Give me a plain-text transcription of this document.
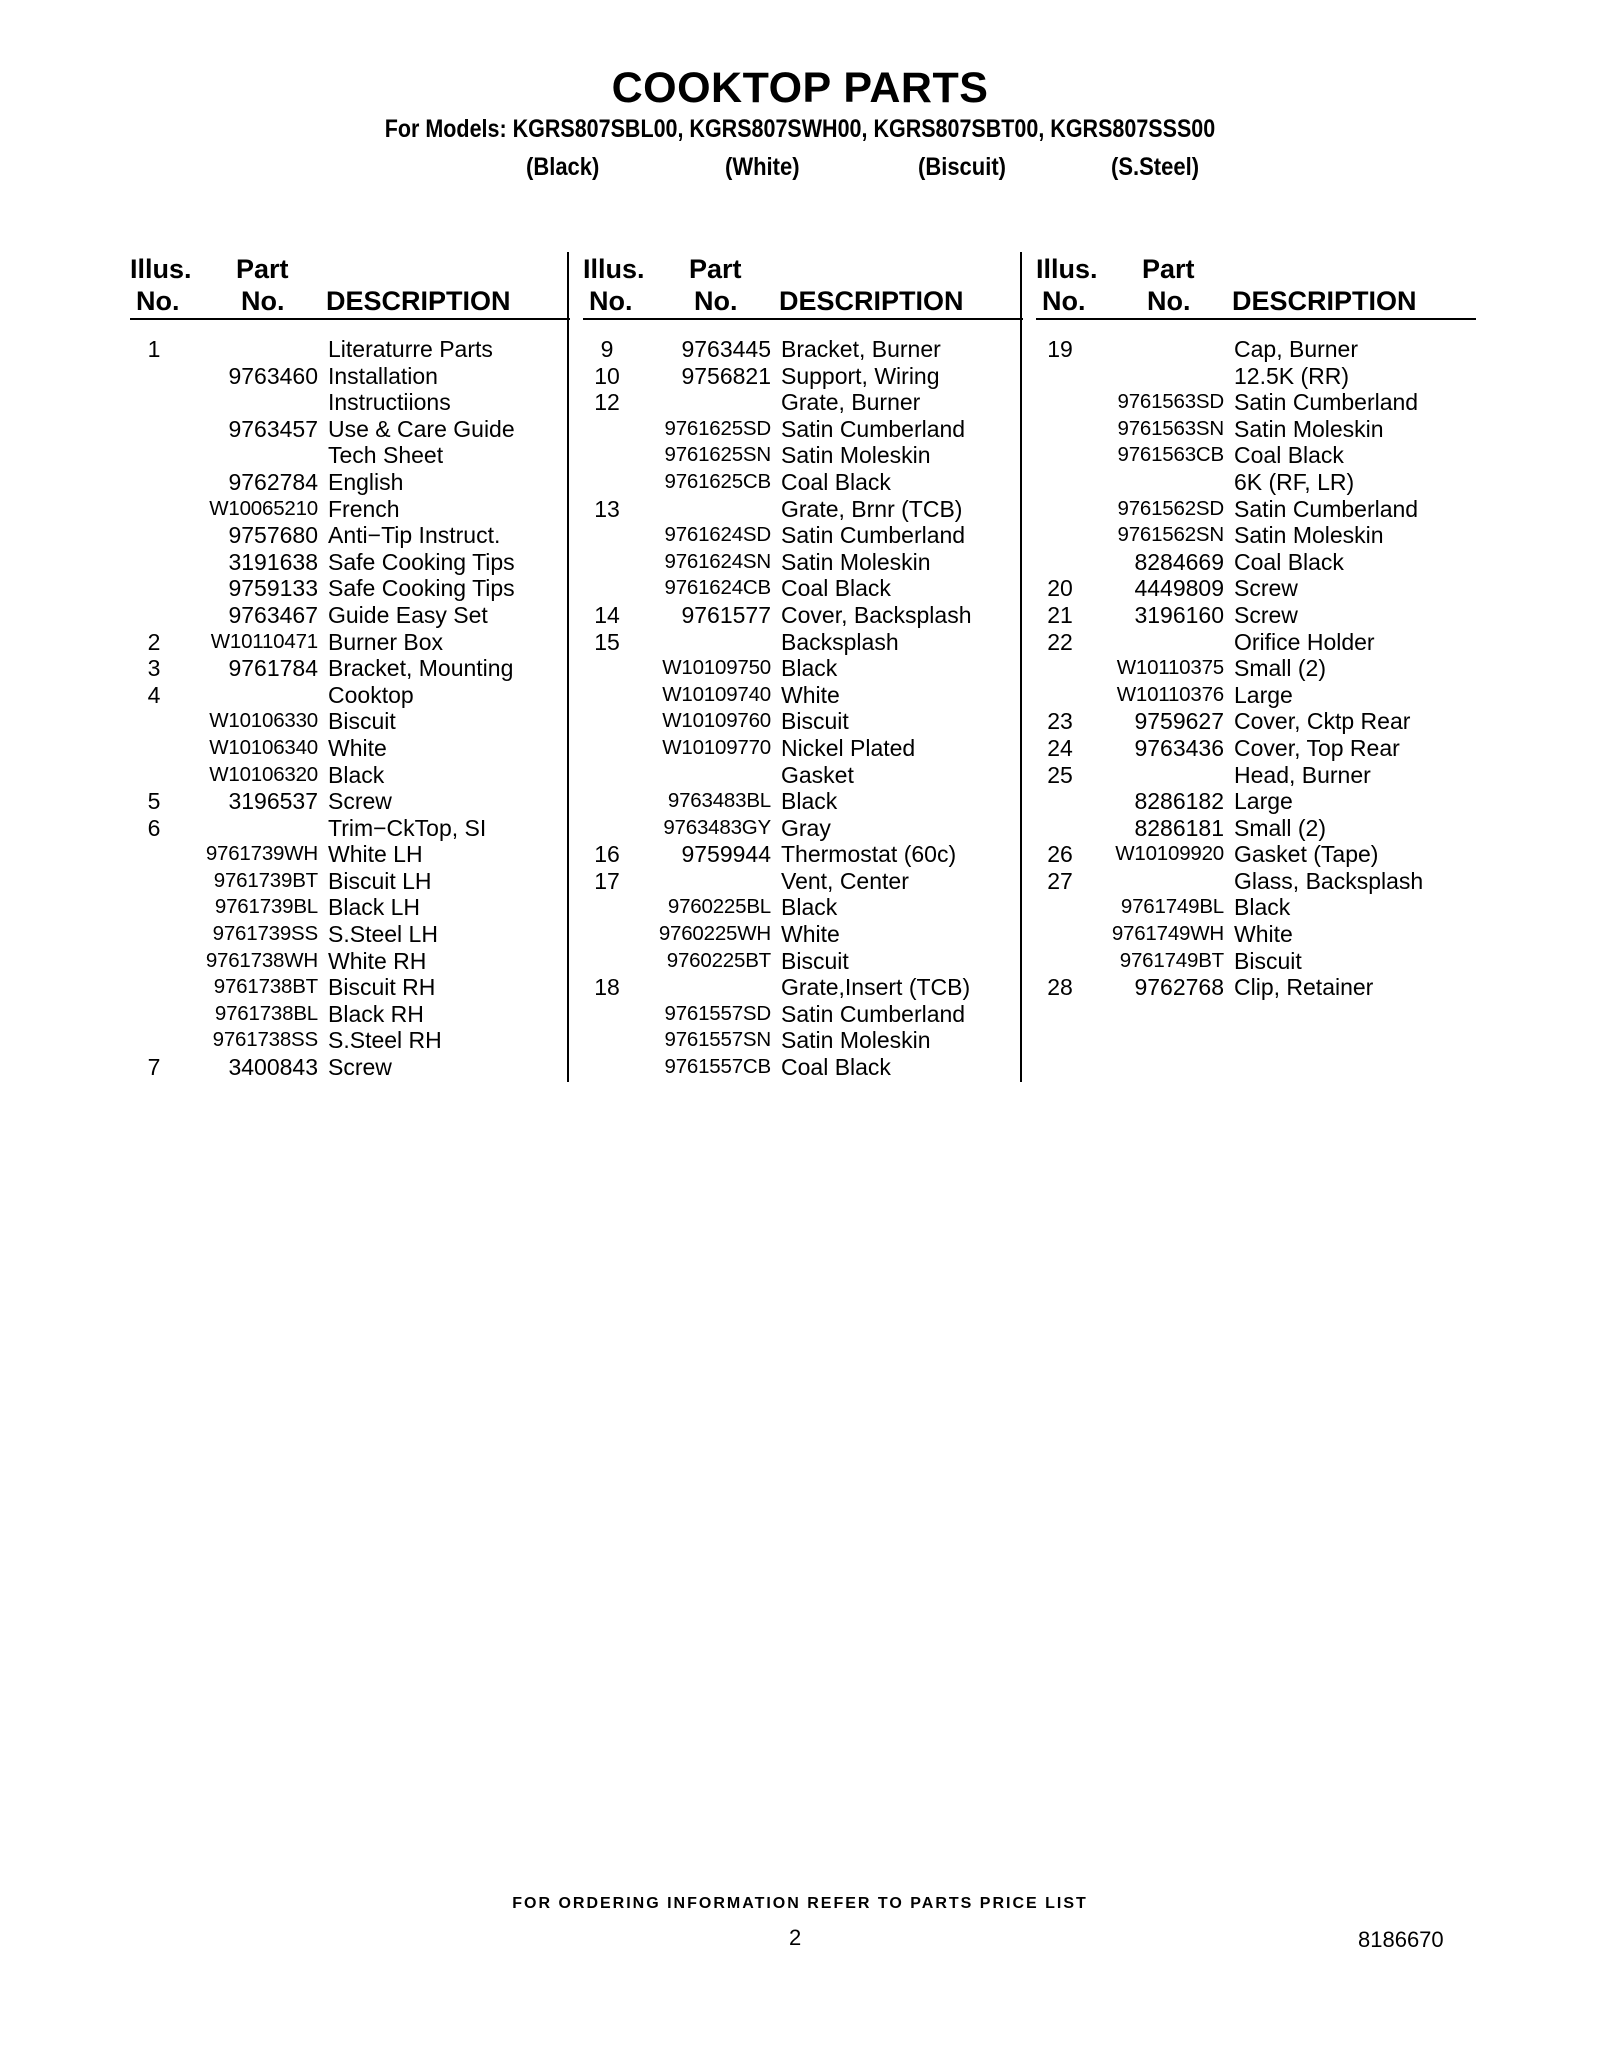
COOKTOP PARTS
For Models: KGRS807SBL00, KGRS807SWH00, KGRS807SBT00, KGRS807SSS00
(Black)	(White)	(Biscuit)	(S.Steel)
Illus.
No.
Part
No. DESCRIPTION
1	Literaturre Parts
9763460 Installation
Instructiions
9763457 Use & Care Guide
Tech Sheet
9762784 English
W10065210 French
9757680 Anti−Tip Instruct.
3191638 Safe Cooking Tips
9759133 Safe Cooking Tips
9763467 Guide Easy Set
2	W10110471 Burner Box
3	9761784 Bracket, Mounting
4	Cooktop
W10106330 Biscuit
W10106340 White
W10106320 Black
5	3196537 Screw
6	Trim−CkTop, SI
9761739WH White LH
9761739BT Biscuit LH
9761739BL Black LH
9761739SS S.Steel LH
9761738WH White RH
9761738BT Biscuit RH
9761738BL Black RH
9761738SS S.Steel RH
7	3400843 Screw
Illus.
No.
Part
No. DESCRIPTION
9	9763445 Bracket, Burner
10	9756821 Support, Wiring
12	Grate, Burner
9761625SD Satin Cumberland
9761625SN Satin Moleskin
9761625CB Coal Black
13	Grate, Brnr (TCB)
9761624SD Satin Cumberland
9761624SN Satin Moleskin
9761624CB Coal Black
14	9761577 Cover, Backsplash
15	Backsplash
W10109750 Black
W10109740 White
W10109760 Biscuit
W10109770 Nickel Plated
Gasket
9763483BL Black
9763483GY Gray
16	9759944 Thermostat (60c)
17	Vent, Center
9760225BL Black
9760225WH White
9760225BT Biscuit
18	Grate,Insert (TCB)
9761557SD Satin Cumberland
9761557SN Satin Moleskin
9761557CB Coal Black
Illus.
No.
Part
No. DESCRIPTION
19	Cap, Burner
12.5K (RR)
9761563SD Satin Cumberland
9761563SN Satin Moleskin
9761563CB Coal Black
6K (RF, LR)
9761562SD Satin Cumberland
9761562SN Satin Moleskin
8284669 Coal Black
20	4449809 Screw
21	3196160 Screw
22	Orifice Holder
W10110375 Small (2)
W10110376 Large
23	9759627 Cover, Cktp Rear
24	9763436 Cover, Top Rear
25	Head, Burner
8286182 Large
8286181 Small (2)
26	W10109920 Gasket (Tape)
27	Glass, Backsplash
9761749BL Black
9761749WH White
9761749BT Biscuit
28	9762768 Clip, Retainer
FOR ORDERING INFORMATION REFER TO PARTS PRICE LIST
2	8186670
